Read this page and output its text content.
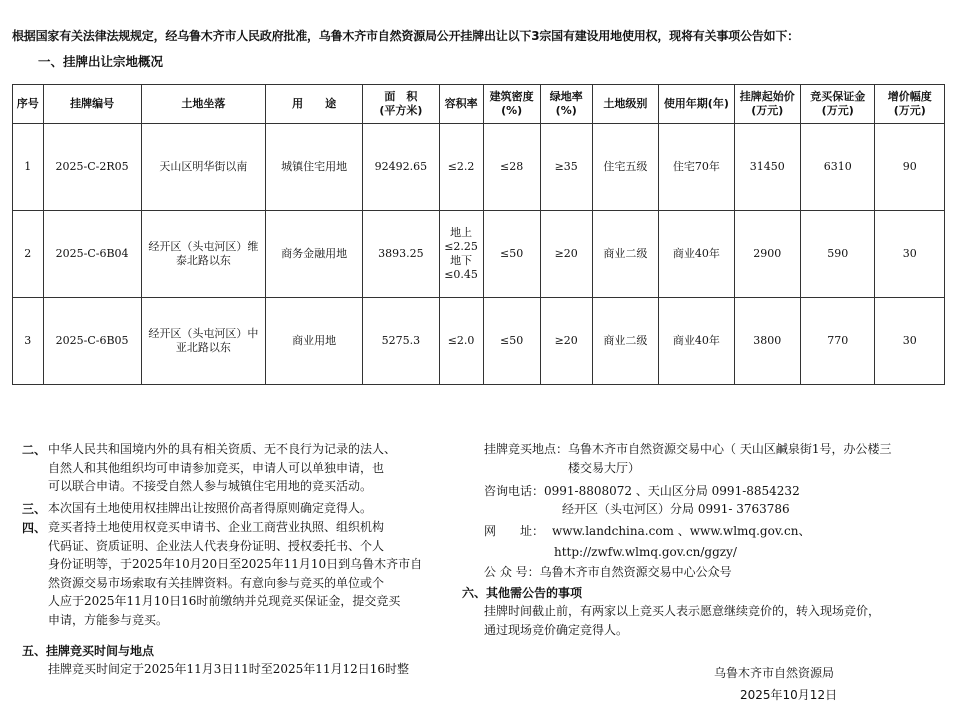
根据国家有关法律法规规定，经乌鲁木齐市人民政府批准，乌鲁木齐市自然资源局公开挂牌出让以下3宗国有建设用地使用权，现将有关事项公告如下：
一、挂牌出让宗地概况
序号	挂牌编号	土地坐落	用　　途	面　积
(平方米)	容积率	建筑密度
(%)	绿地率
(%)	土地级别	使用年期(年)	挂牌起始价
(万元)	竞买保证金
(万元)	增价幅度
(万元)
1	2025-C-2R05	天山区明华街以南	城镇住宅用地	92492.65	≤2.2	≤28	≥35	住宅五级	住宅70年	31450	6310	90
2	2025-C-6B04	经开区（头屯河区）维泰北路以东	商务金融用地	3893.25	地上
≤2.25
地下
≤0.45	≤50	≥20	商业二级	商业40年	2900	590	30
3	2025-C-6B05	经开区（头屯河区）中亚北路以东	商业用地	5275.3	≤2.0	≤50	≥20	商业二级	商业40年	3800	770	30
二、 中华人民共和国境内外的具有相关资质、无不良行为记录的法人、
自然人和其他组织均可申请参加竞买，申请人可以单独申请，也
可以联合申请。不接受自然人参与城镇住宅用地的竞买活动。
三、 本次国有土地使用权挂牌出让按照价高者得原则确定竞得人。
四、 竞买者持土地使用权竞买申请书、企业工商营业执照、组织机构
代码证、资质证明、企业法人代表身份证明、授权委托书、个人
身份证明等，于2025年10月20日至2025年11月10日到乌鲁木齐市自
然资源交易市场索取有关挂牌资料。有意向参与竞买的单位或个
人应于2025年11月10日16时前缴纳并兑现竞买保证金，提交竞买
申请，方能参与竞买。
五、挂牌竞买时间与地点
挂牌竞买时间定于2025年11月3日11时至2025年11月12日16时整
挂牌竞买地点：乌鲁木齐市自然资源交易中心（ 天山区鹹泉街1号，办公楼三
楼交易大厅）
咨询电话：0991-8808072 、天山区分局 0991-8854232
经开区（头屯河区）分局 0991- 3763786
网　　址： www.landchina.com 、www.wlmq.gov.cn、
http://zwfw.wlmq.gov.cn/ggzy/
公 众 号：乌鲁木齐市自然资源交易中心公众号
六、其他需公告的事项
挂牌时间截止前，有两家以上竞买人表示愿意继续竞价的，转入现场竞价，
通过现场竞价确定竞得人。
乌鲁木齐市自然资源局
2025年10月12日
